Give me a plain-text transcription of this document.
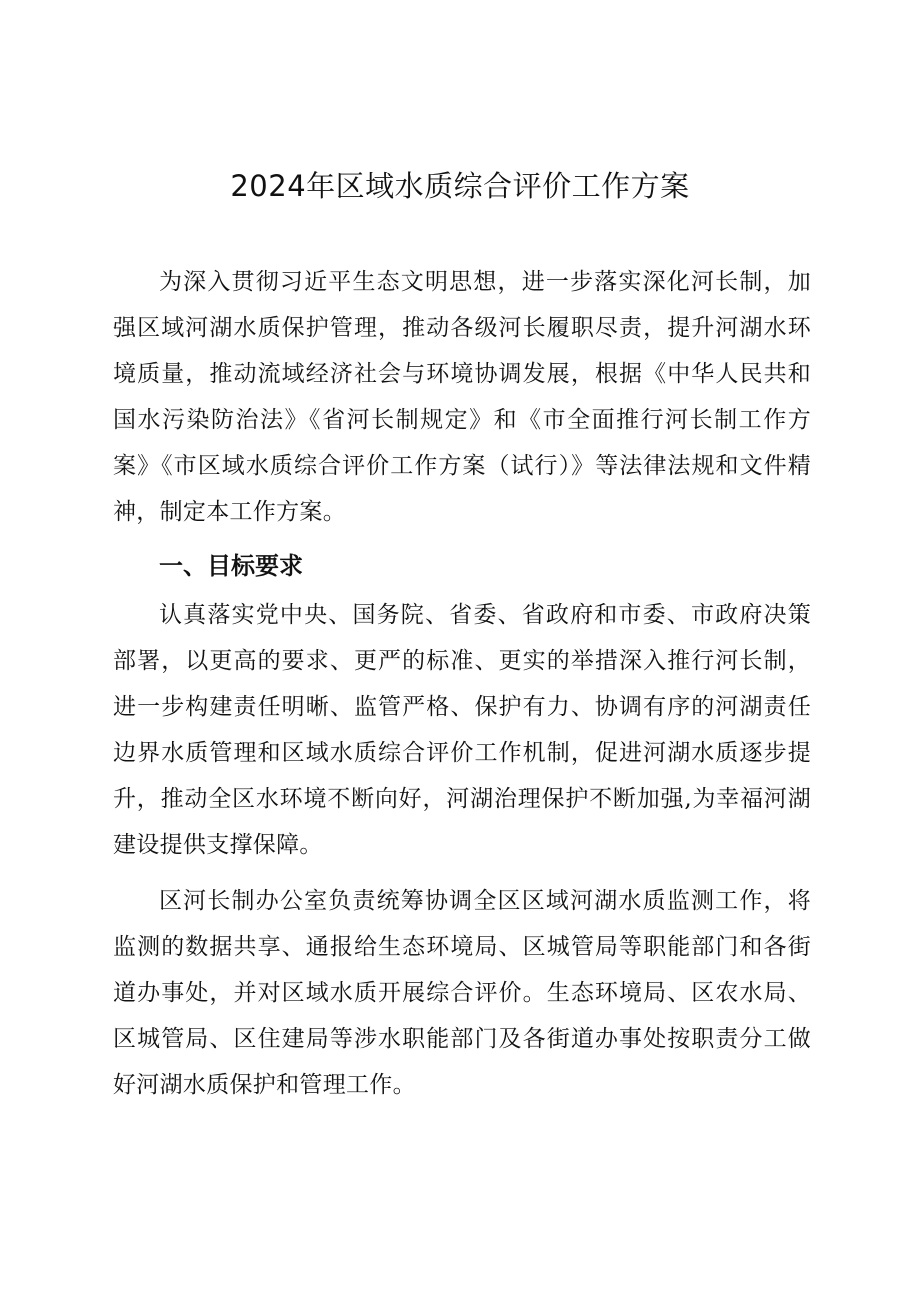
2024年区域水质综合评价工作方案

为深入贯彻习近平生态文明思想，进一步落实深化河长制，加强区域河湖水质保护管理，推动各级河长履职尽责，提升河湖水环境质量，推动流域经济社会与环境协调发展，根据《中华人民共和国水污染防治法》《省河长制规定》和《市全面推行河长制工作方案》《市区域水质综合评价工作方案（试行）》等法律法规和文件精神，制定本工作方案。

一、目标要求

认真落实党中央、国务院、省委、省政府和市委、市政府决策部署，以更高的要求、更严的标准、更实的举措深入推行河长制，进一步构建责任明晰、监管严格、保护有力、协调有序的河湖责任边界水质管理和区域水质综合评价工作机制，促进河湖水质逐步提升，推动全区水环境不断向好，河湖治理保护不断加强,为幸福河湖建设提供支撑保障。

区河长制办公室负责统筹协调全区区域河湖水质监测工作，将监测的数据共享、通报给生态环境局、区城管局等职能部门和各街道办事处，并对区域水质开展综合评价。生态环境局、区农水局、区城管局、区住建局等涉水职能部门及各街道办事处按职责分工做好河湖水质保护和管理工作。
